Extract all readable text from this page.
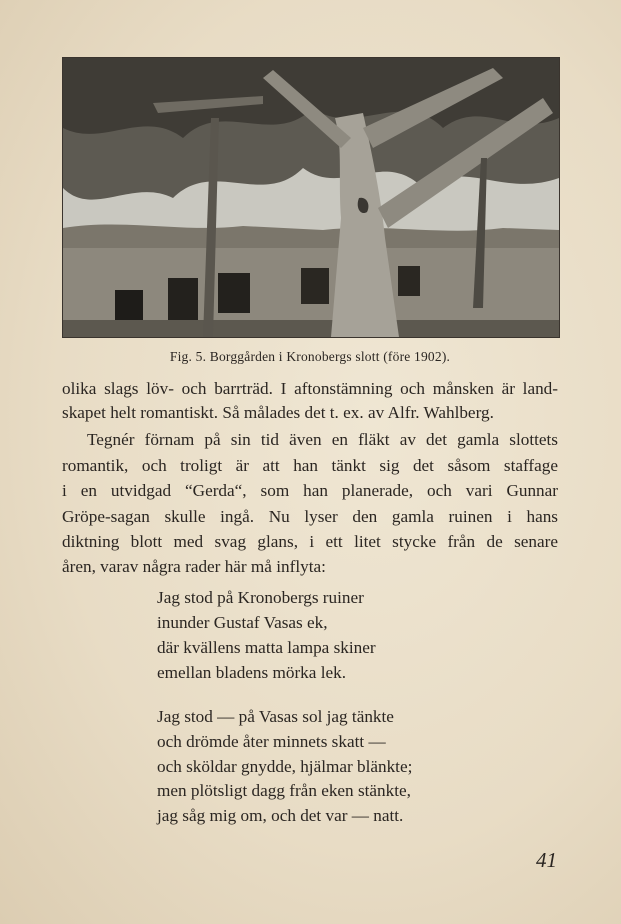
Fig. 5. Borggården i Kronobergs slott (före 1902).
olika slags löv- och barrträd. I aftonstämning och månsken är land-
skapet helt romantiskt. Så målades det t. ex. av Alfr. Wahlberg.
Tegnér förnam på sin tid även en fläkt av det gamla slottets
romantik, och troligt är att han tänkt sig det såsom staffage
i en utvidgad “Gerda“, som han planerade, och vari Gunnar
Gröpe-sagan skulle ingå. Nu lyser den gamla ruinen i hans
diktning blott med svag glans, i ett litet stycke från de senare
åren, varav några rader här må inflyta:
Jag stod på Kronobergs ruiner
inunder Gustaf Vasas ek,
där kvällens matta lampa skiner
emellan bladens mörka lek.
Jag stod — på Vasas sol jag tänkte
och drömde åter minnets skatt —
och sköldar gnydde, hjälmar blänkte;
men plötsligt dagg från eken stänkte,
jag såg mig om, och det var — natt.
41
